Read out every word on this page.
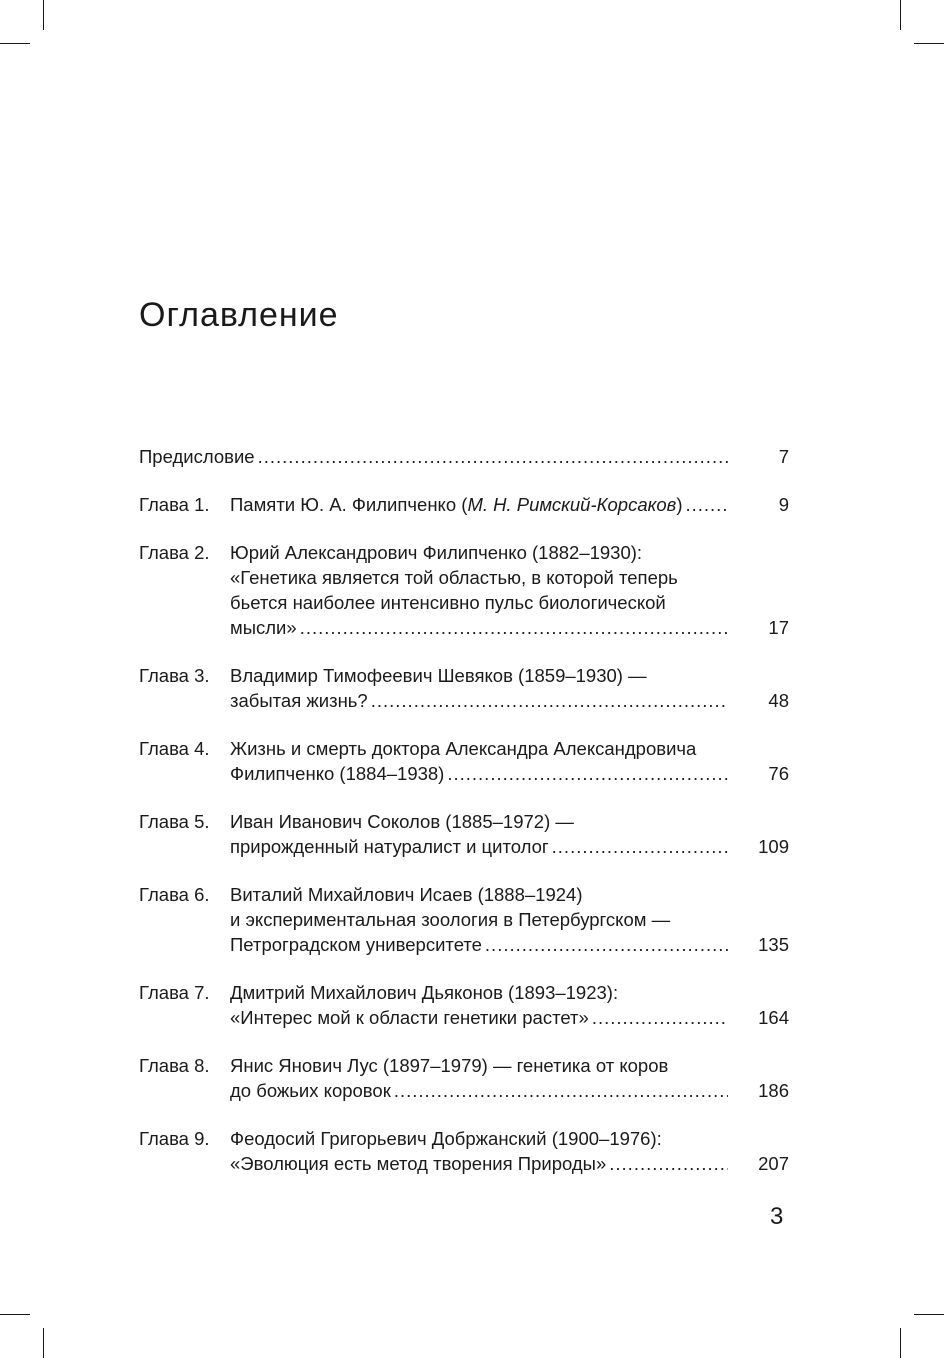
Оглавление
Предисловие .....	7
Глава 1. Памяти Ю. А. Филипченко (М. Н. Римский-Корсаков) .....	9
Глава 2. Юрий Александрович Филипченко (1882–1930):
«Генетика является той областью, в которой теперь
бьется наиболее интенсивно пульс биологической
мысли» .....	17
Глава 3. Владимир Тимофеевич Шевяков (1859–1930) —
забытая жизнь? .....	48
Глава 4. Жизнь и смерть доктора Александра Александровича
Филипченко (1884–1938) .....	76
Глава 5. Иван Иванович Соколов (1885–1972) —
прирожденный натуралист и цитолог .....	109
Глава 6. Виталий Михайлович Исаев (1888–1924)
и экспериментальная зоология в Петербургском —
Петроградском университете .....	135
Глава 7. Дмитрий Михайлович Дьяконов (1893–1923):
«Интерес мой к области генетики растет» .....	164
Глава 8. Янис Янович Лус (1897–1979) — генетика от коров
до божьих коровок .....	186
Глава 9. Феодосий Григорьевич Добржанский (1900–1976):
«Эволюция есть метод творения Природы» .....	207
3
